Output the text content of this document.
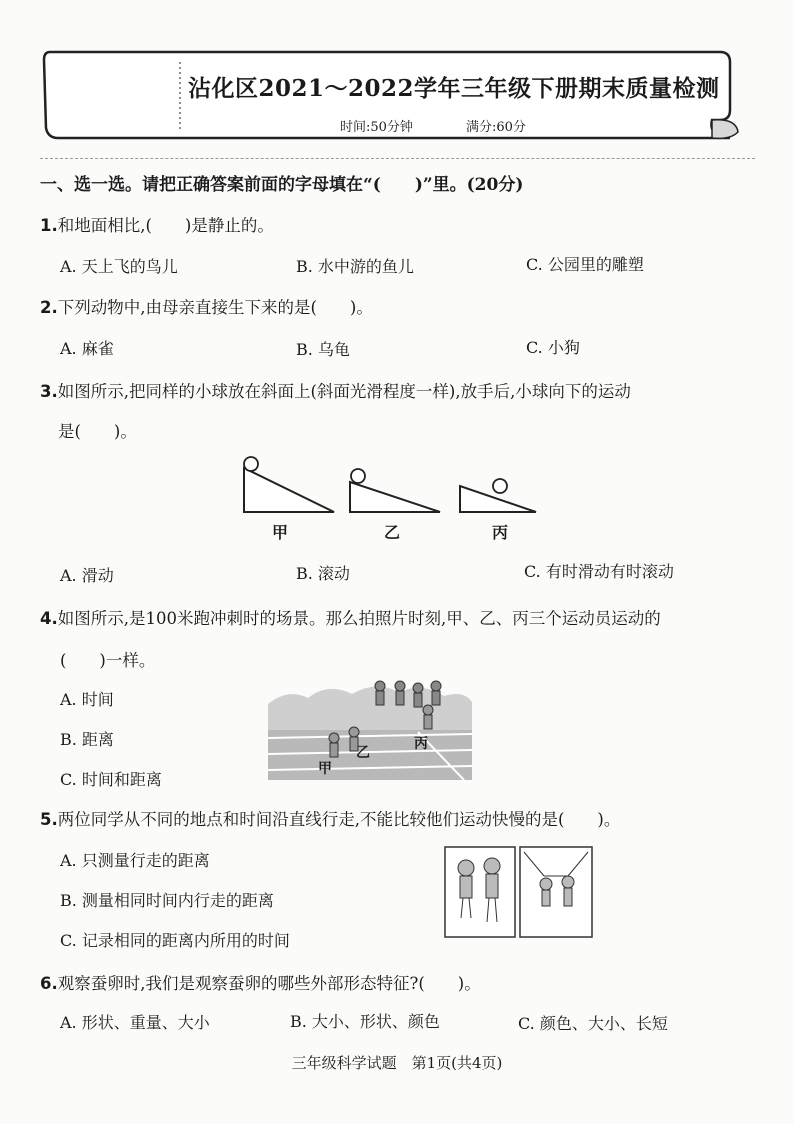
沾化区2021～2022学年三年级下册期末质量检测
时间:50分钟	满分:60分
一、选一选。请把正确答案前面的字母填在“(　　)”里。(20分)
1.和地面相比,(　　)是静止的。
A. 天上飞的鸟儿	B. 水中游的鱼儿	C. 公园里的雕塑
2.下列动物中,由母亲直接生下来的是(　　)。
A. 麻雀	B. 乌龟	C. 小狗
3.如图所示,把同样的小球放在斜面上(斜面光滑程度一样),放手后,小球向下的运动
是(　　)。
甲	乙	丙
A. 滑动	B. 滚动	C. 有时滑动有时滚动
4.如图所示,是100米跑冲刺时的场景。那么拍照片时刻,甲、乙、丙三个运动员运动的
(　　)一样。
A. 时间
B. 距离
C. 时间和距离
甲
乙
丙
5.两位同学从不同的地点和时间沿直线行走,不能比较他们运动快慢的是(　　)。
A. 只测量行走的距离
B. 测量相同时间内行走的距离
C. 记录相同的距离内所用的时间
6.观察蚕卵时,我们是观察蚕卵的哪些外部形态特征?(　　)。
A. 形状、重量、大小	B. 大小、形状、颜色	C. 颜色、大小、长短
三年级科学试题　第1页(共4页)
